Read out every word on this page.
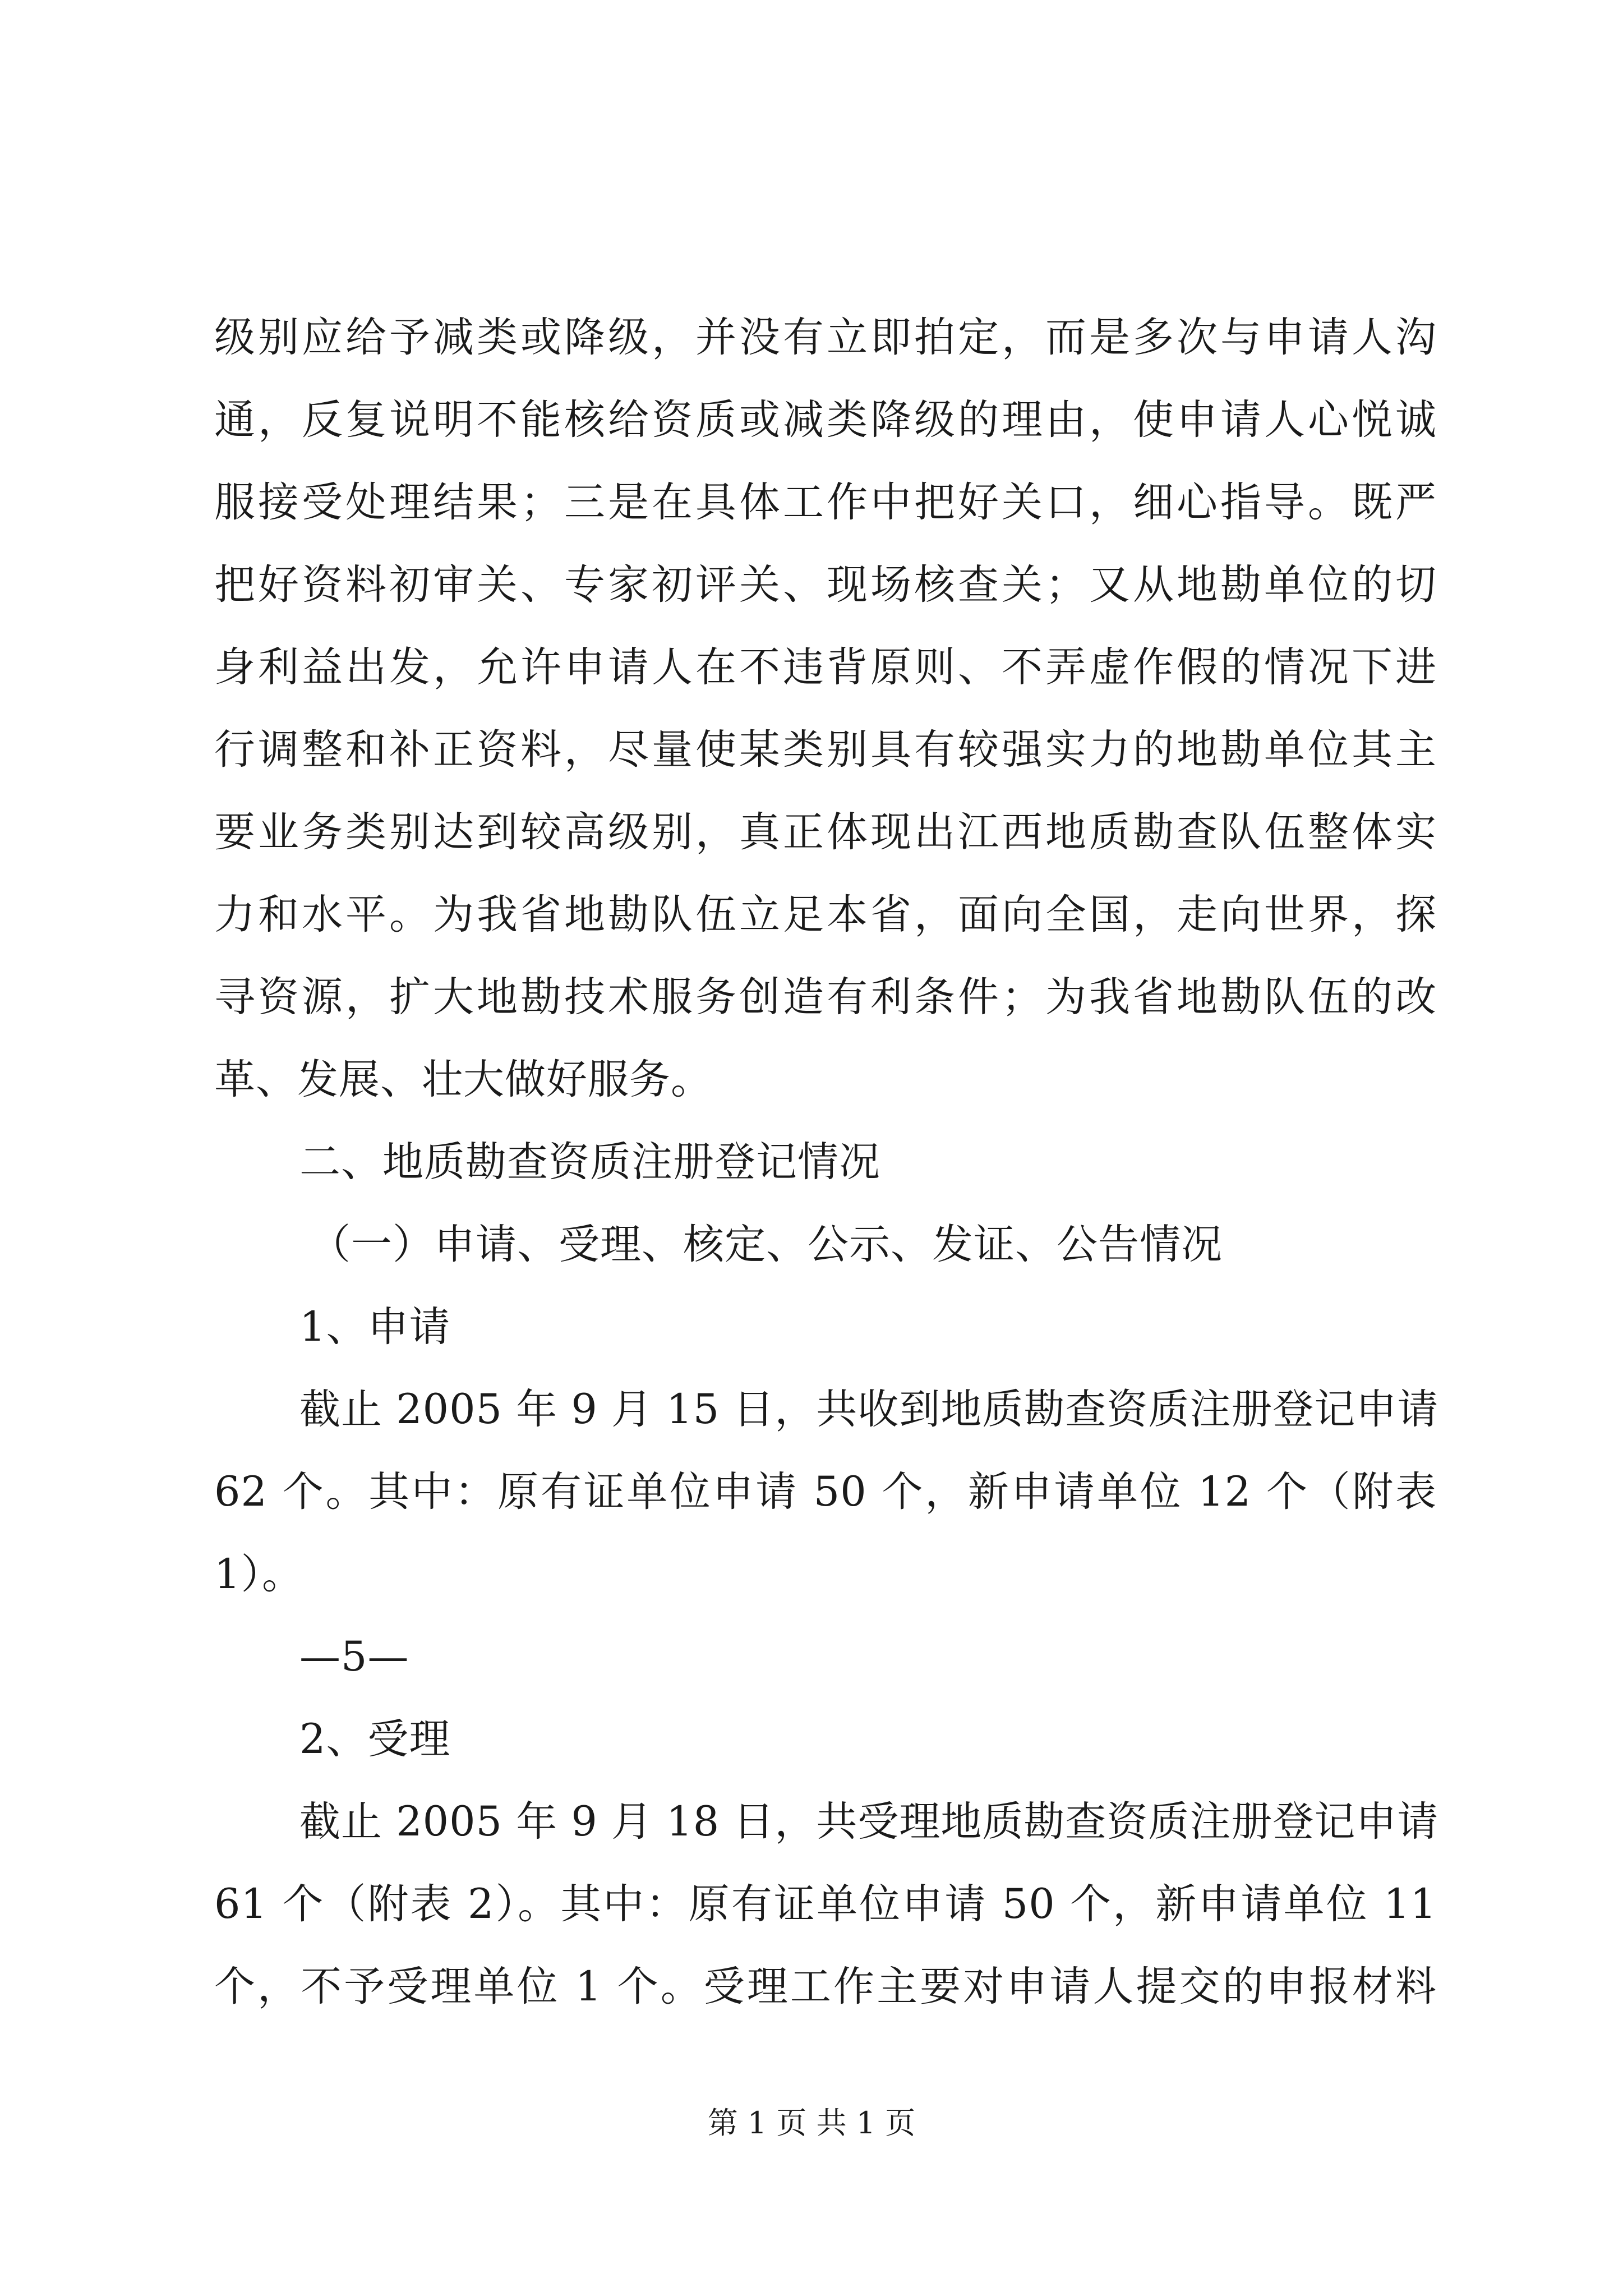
级别应给予减类或降级，并没有立即拍定，而是多次与申请人沟
通，反复说明不能核给资质或减类降级的理由，使申请人心悦诚
服接受处理结果；三是在具体工作中把好关口，细心指导。既严
把好资料初审关、专家初评关、现场核查关；又从地勘单位的切
身利益出发，允许申请人在不违背原则、不弄虚作假的情况下进
行调整和补正资料，尽量使某类别具有较强实力的地勘单位其主
要业务类别达到较高级别，真正体现出江西地质勘查队伍整体实
力和水平。为我省地勘队伍立足本省，面向全国，走向世界，探
寻资源，扩大地勘技术服务创造有利条件；为我省地勘队伍的改
革、发展、壮大做好服务。
二、地质勘查资质注册登记情况
（一）申请、受理、核定、公示、发证、公告情况
1、申请
截止 2005 年 9 月 15 日，共收到地质勘查资质注册登记申请
62 个。其中：原有证单位申请 50 个，新申请单位 12 个（附表
1）。
—5—
2、受理
截止 2005 年 9 月 18 日，共受理地质勘查资质注册登记申请
61 个（附表 2）。其中：原有证单位申请 50 个，新申请单位 11
个，不予受理单位 1 个。受理工作主要对申请人提交的申报材料
第 1 页 共 1 页
